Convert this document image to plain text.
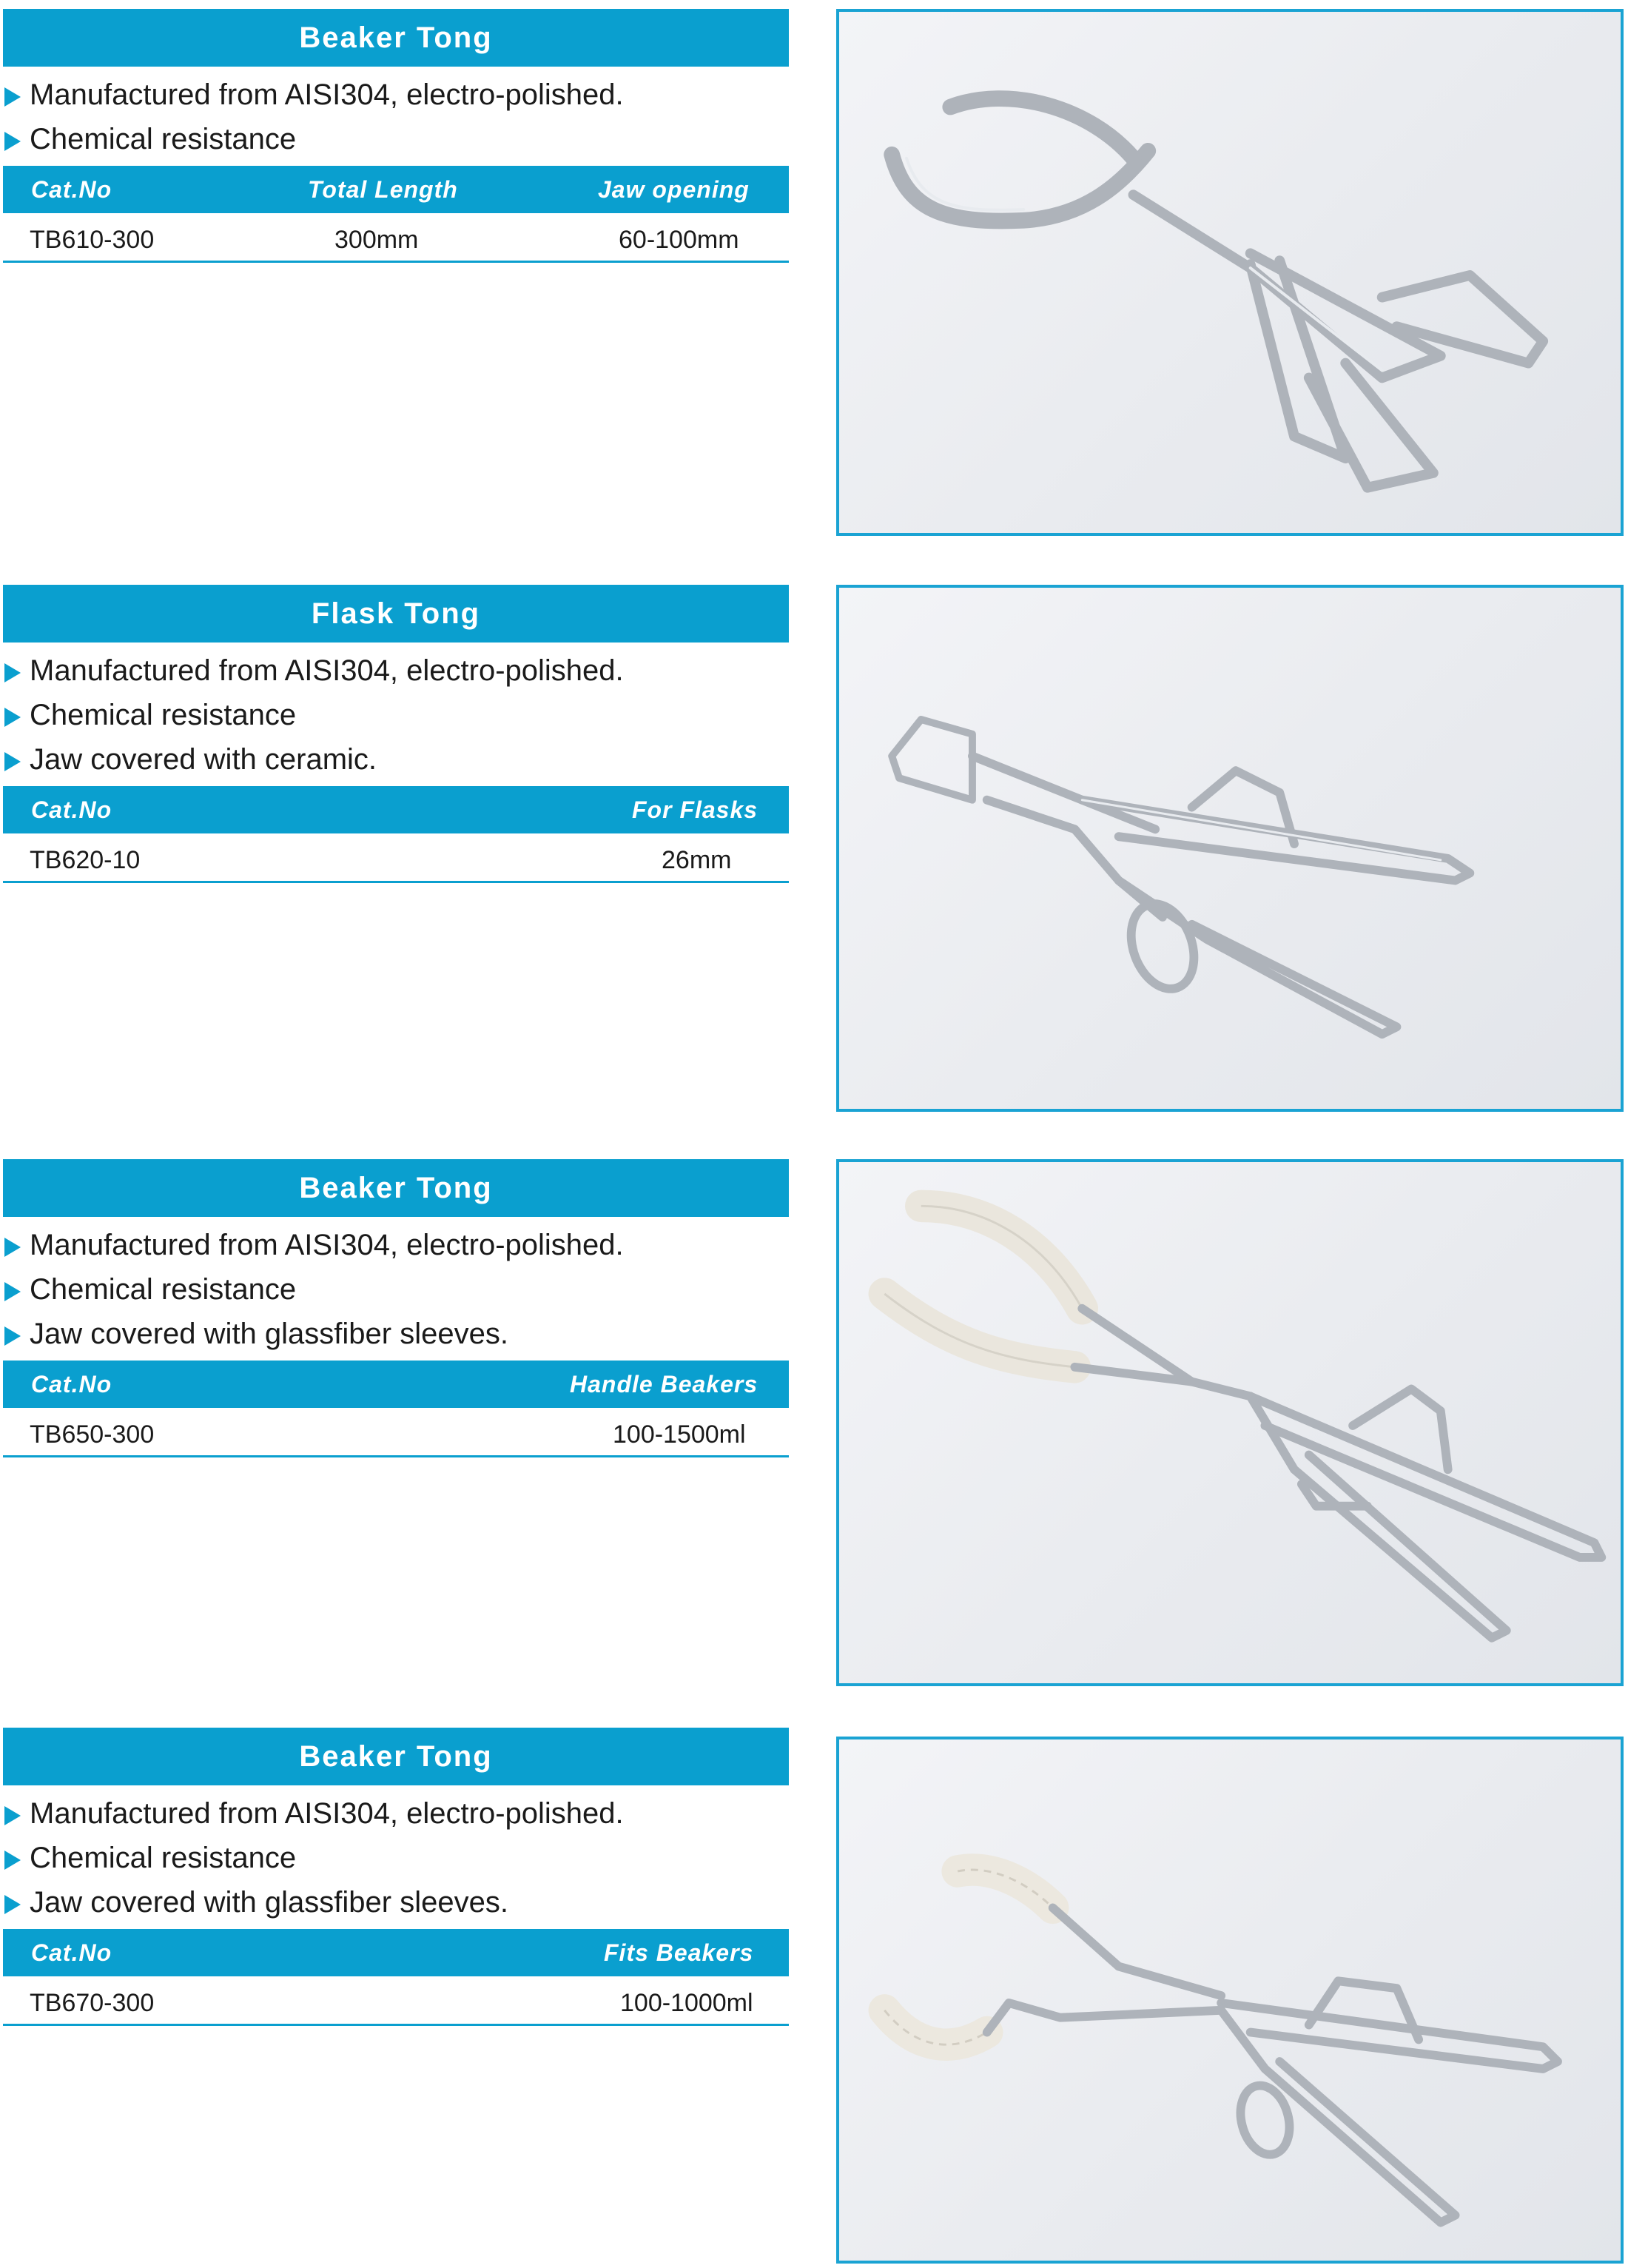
Beaker Tong
Manufactured from AISI304, electro-polished.
Chemical resistance
Cat.No	Total Length	Jaw opening
TB610-300	300mm	60-100mm
Flask Tong
Manufactured from AISI304, electro-polished.
Chemical resistance
Jaw covered with ceramic.
Cat.No	For Flasks
TB620-10	26mm
Beaker Tong
Manufactured from AISI304, electro-polished.
Chemical resistance
Jaw covered with glassfiber sleeves.
Cat.No	Handle Beakers
TB650-300	100-1500ml
Beaker Tong
Manufactured from AISI304, electro-polished.
Chemical resistance
Jaw covered with glassfiber sleeves.
Cat.No	Fits Beakers
TB670-300	100-1000ml
